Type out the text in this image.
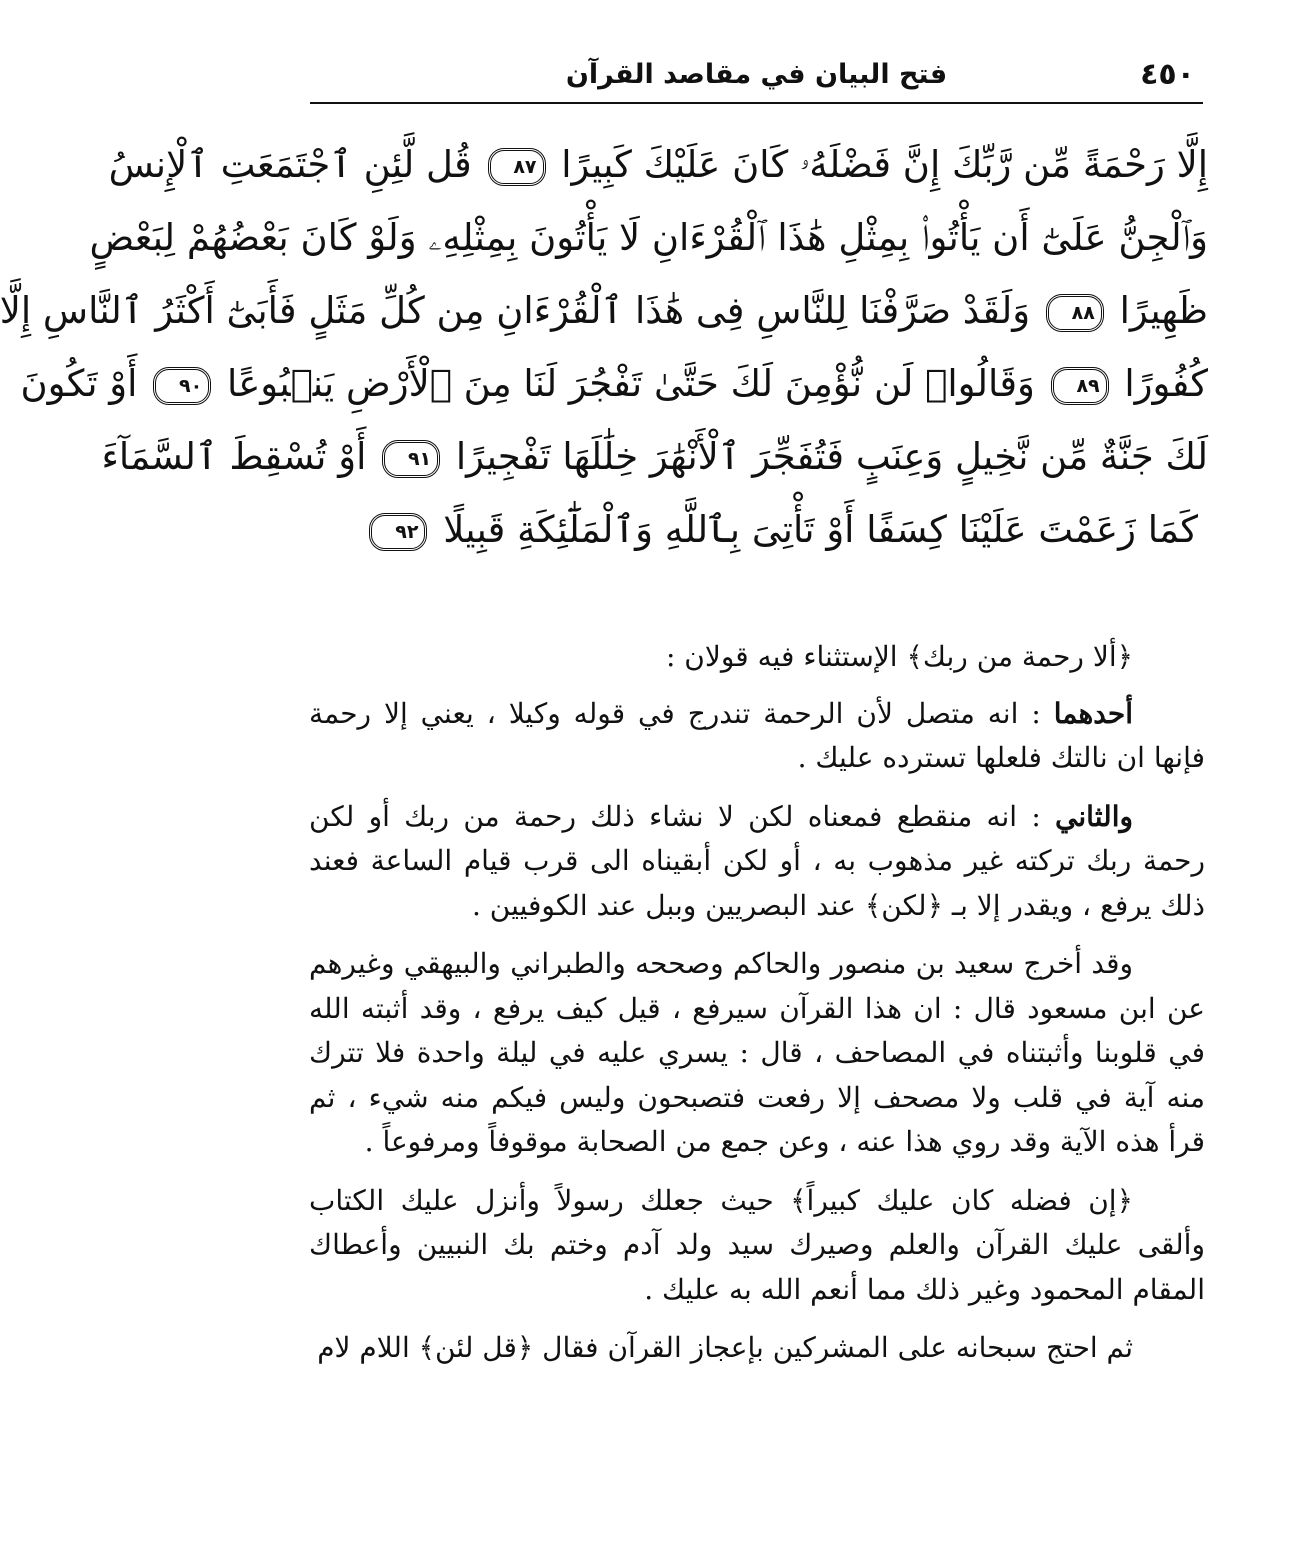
٤٥٠
فتح البيان في مقاصد القرآن
إِلَّا رَحْمَةً مِّن رَّبِّكَ إِنَّ فَضْلَهُۥ كَانَ عَلَيْكَ كَبِيرًا ٨٧ قُل لَّئِنِ ٱجْتَمَعَتِ ٱلْإِنسُ
وَٱلْجِنُّ عَلَىٰٓ أَن يَأْتُوا۟ بِمِثْلِ هَٰذَا ٱلْقُرْءَانِ لَا يَأْتُونَ بِمِثْلِهِۦ وَلَوْ كَانَ بَعْضُهُمْ لِبَعْضٍ
ظَهِيرًا ٨٨ وَلَقَدْ صَرَّفْنَا لِلنَّاسِ فِى هَٰذَا ٱلْقُرْءَانِ مِن كُلِّ مَثَلٍ فَأَبَىٰٓ أَكْثَرُ ٱلنَّاسِ إِلَّا
كُفُورًا ٨٩ وَقَالُوا۟ لَن نُّؤْمِنَ لَكَ حَتَّىٰ تَفْجُرَ لَنَا مِنَ ٱلْأَرْضِ يَنۢبُوعًا ٩٠ أَوْ تَكُونَ
لَكَ جَنَّةٌ مِّن نَّخِيلٍ وَعِنَبٍ فَتُفَجِّرَ ٱلْأَنْهَٰرَ خِلَٰلَهَا تَفْجِيرًا ٩١ أَوْ تُسْقِطَ ٱلسَّمَآءَ
كَمَا زَعَمْتَ عَلَيْنَا كِسَفًا أَوْ تَأْتِىَ بِٱللَّهِ وَٱلْمَلَٰٓئِكَةِ قَبِيلًا ٩٢

﴿ألا رحمة من ربك﴾ الإستثناء فيه قولان :

أحدهما : انه متصل لأن الرحمة تندرج في قوله وكيلا ، يعني إلا رحمة فإنها ان نالتك فلعلها تسترده عليك .

والثاني : انه منقطع فمعناه لكن لا نشاء ذلك رحمة من ربك أو لكن رحمة ربك تركته غير مذهوب به ، أو لكن أبقيناه الى قرب قيام الساعة فعند ذلك يرفع ، ويقدر إلا بـ ﴿لكن﴾ عند البصريين وببل عند الكوفيين .

وقد أخرج سعيد بن منصور والحاكم وصححه والطبراني والبيهقي وغيرهم عن ابن مسعود قال : ان هذا القرآن سيرفع ، قيل كيف يرفع ، وقد أثبته الله في قلوبنا وأثبتناه في المصاحف ، قال : يسري عليه في ليلة واحدة فلا تترك منه آية في قلب ولا مصحف إلا رفعت فتصبحون وليس فيكم منه شيء ، ثم قرأ هذه الآية وقد روي هذا عنه ، وعن جمع من الصحابة موقوفاً ومرفوعاً .

﴿إن فضله كان عليك كبيراً﴾ حيث جعلك رسولاً وأنزل عليك الكتاب وألقى عليك القرآن والعلم وصيرك سيد ولد آدم وختم بك النبيين وأعطاك المقام المحمود وغير ذلك مما أنعم الله به عليك .

ثم احتج سبحانه على المشركين بإعجاز القرآن فقال ﴿قل لئن﴾ اللام لام
